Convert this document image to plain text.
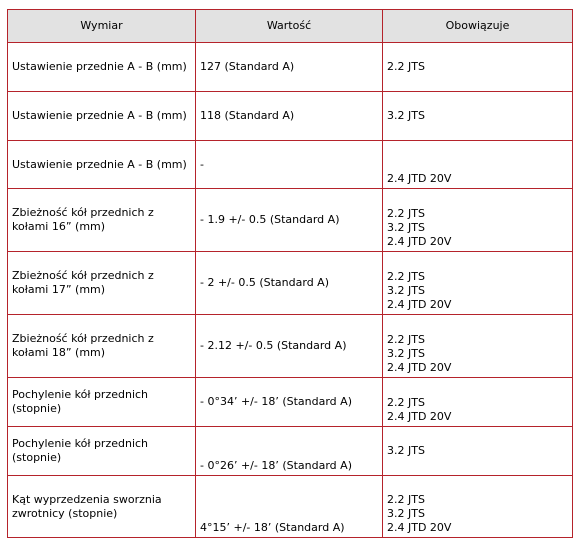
Wymiar	Wartość	Obowiązuje
Ustawienie przednie A - B (mm)	127 (Standard A)	2.2 JTS

Ustawienie przednie A - B (mm)	118 (Standard A)	3.2 JTS

Ustawienie przednie A - B (mm)	-	2.4 JTD 20V

Zbieżność kół przednich z kołami 16” (mm)	- 1.9 +/- 0.5 (Standard A)	2.2 JTS
3.2 JTS
2.4 JTD 20V

Zbieżność kół przednich z kołami 17” (mm)	- 2 +/- 0.5 (Standard A)	2.2 JTS
3.2 JTS
2.4 JTD 20V

Zbieżność kół przednich z kołami 18” (mm)	- 2.12 +/- 0.5 (Standard A)	2.2 JTS
3.2 JTS
2.4 JTD 20V

Pochylenie kół przednich (stopnie)	- 0°34’ +/- 18’ (Standard A)	2.2 JTS
2.4 JTD 20V

Pochylenie kół przednich (stopnie)	- 0°26’ +/- 18’ (Standard A)	3.2 JTS

Kąt wyprzedzenia sworznia zwrotnicy (stopnie)	4°15’ +/- 18’ (Standard A)	2.2 JTS
3.2 JTS
2.4 JTD 20V
